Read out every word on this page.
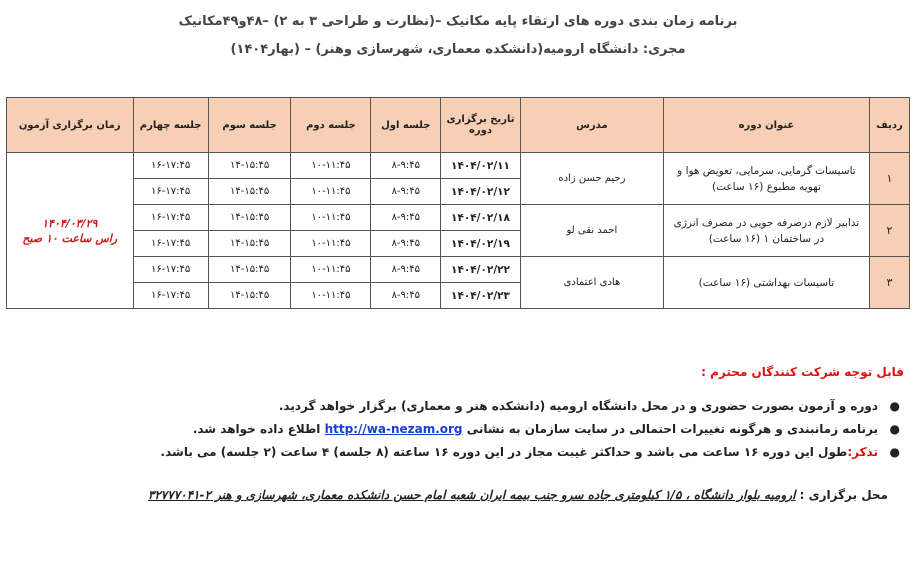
برنامه زمان بندی دوره های ارتقاء پایه مکانیک –(نظارت و طراحی ۳ به ۲) –۴۸و۴۹مکانیک
مجری: دانشگاه ارومیه(دانشکده معماری، شهرسازی وهنر) – (بهار۱۴۰۴)
ردیف	عنوان دوره	مدرس	تاریخ برگزاری دوره	جلسه اول	جلسه دوم	جلسه سوم	جلسه چهارم	زمان برگزاری آزمون
۱	تاسیسات گرمایی، سرمایی، تعویض هوا و تهویه مطبوع (۱۶ ساعت)	رحیم حسن زاده	۱۴۰۴/۰۲/۱۱	۸-۹:۴۵	۱۰-۱۱:۴۵	۱۴-۱۵:۴۵	۱۶-۱۷:۴۵	۱۴۰۴/۰۳/۲۹
راس ساعت ۱۰ صبح

			۱۴۰۴/۰۲/۱۲	۸-۹:۴۵	۱۰-۱۱:۴۵	۱۴-۱۵:۴۵	۱۶-۱۷:۴۵	
۲	تدابیر لازم درصرفه جویی در مصرف انرژی در ساختمان ۱ (۱۶ ساعت)	احمد نقی لو	۱۴۰۴/۰۲/۱۸	۸-۹:۴۵	۱۰-۱۱:۴۵	۱۴-۱۵:۴۵	۱۶-۱۷:۴۵	
			۱۴۰۴/۰۲/۱۹	۸-۹:۴۵	۱۰-۱۱:۴۵	۱۴-۱۵:۴۵	۱۶-۱۷:۴۵	
۳	تاسیسات بهداشتی (۱۶ ساعت)	هادی اعتمادی	۱۴۰۴/۰۲/۲۲	۸-۹:۴۵	۱۰-۱۱:۴۵	۱۴-۱۵:۴۵	۱۶-۱۷:۴۵	
			۱۴۰۴/۰۲/۲۳	۸-۹:۴۵	۱۰-۱۱:۴۵	۱۴-۱۵:۴۵	۱۶-۱۷:۴۵	
قابل توجه شرکت کنندگان محترم :
●
دوره و آزمون بصورت حضوری و در محل دانشگاه ارومیه (دانشکده هنر و معماری) برگزار خواهد گردید.
●
برنامه زمانبندی و هرگونه تغییرات احتمالی در سایت سازمان به نشانی http://wa-nezam.org اطلاع داده خواهد شد.
●
تذکر:طول این دوره ۱۶ ساعت می باشد و حداکثر غیبت مجاز در این دوره ۱۶ ساعته (۸ جلسه) ۴ ساعت (۲ جلسه) می باشد.
محل برگزاری : ارومیه بلوار دانشگاه ، ۱/۵ کیلومتری جاده سرو جنب بیمه ایران شعبه امام حسن دانشکده معماری، شهرسازی و هنر ۲-۳۲۷۷۷۰۴۱
